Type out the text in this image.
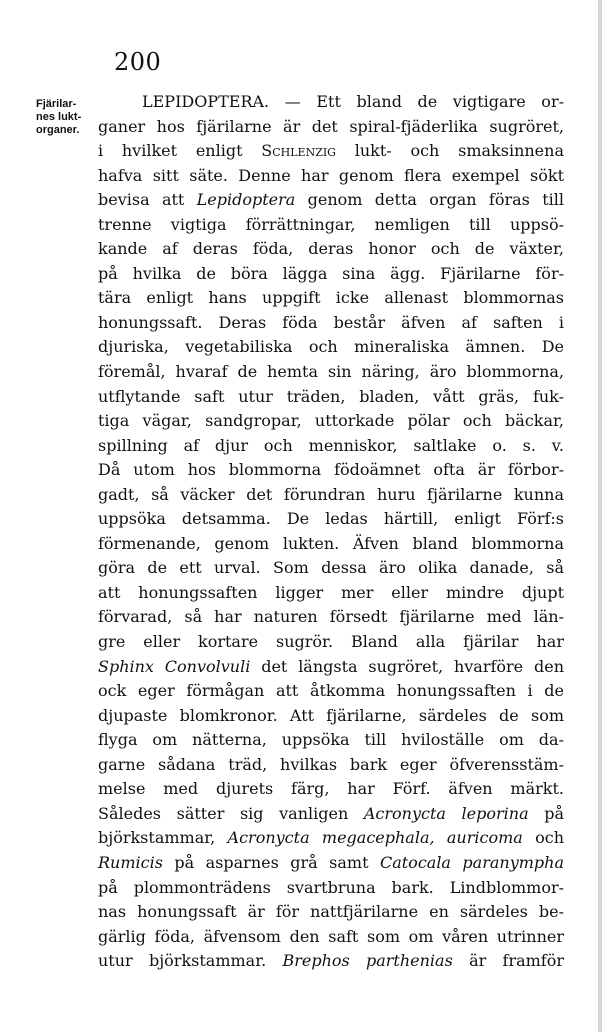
200
Fjärilar-
nes lukt-
organer.
LEPIDOPTERA. — Ett bland de vigtigare or-
ganer hos fjärilarne är det spiral-fjäderlika sugröret,
i hvilket enligt Schlenzig lukt- och smaksinnena
hafva sitt säte. Denne har genom flera exempel sökt
bevisa att Lepidoptera genom detta organ föras till
trenne vigtiga förrättningar, nemligen till uppsö-
kande af deras föda, deras honor och de växter,
på hvilka de böra lägga sina ägg. Fjärilarne för-
tära enligt hans uppgift icke allenast blommornas
honungssaft. Deras föda består äfven af saften i
djuriska, vegetabiliska och mineraliska ämnen. De
föremål, hvaraf de hemta sin näring, äro blommorna,
utflytande saft utur träden, bladen, vått gräs, fuk-
tiga vägar, sandgropar, uttorkade pölar och bäckar,
spillning af djur och menniskor, saltlake o. s. v.
Då utom hos blommorna födoämnet ofta är förbor-
gadt, så väcker det förundran huru fjärilarne kunna
uppsöka detsamma. De ledas härtill, enligt Förf:s
förmenande, genom lukten. Äfven bland blommorna
göra de ett urval. Som dessa äro olika danade, så
att honungssaften ligger mer eller mindre djupt
förvarad, så har naturen försedt fjärilarne med län-
gre eller kortare sugrör. Bland alla fjärilar har
Sphinx Convolvuli det längsta sugröret, hvarföre den
ock eger förmågan att åtkomma honungssaften i de
djupaste blomkronor. Att fjärilarne, särdeles de som
flyga om nätterna, uppsöka till hviloställe om da-
garne sådana träd, hvilkas bark eger öfverensstäm-
melse med djurets färg, har Förf. äfven märkt.
Således sätter sig vanligen Acronycta leporina på
björkstammar, Acronycta megacephala, auricoma och
Rumicis på asparnes grå samt Catocala paranympha
på plommonträdens svartbruna bark. Lindblommor-
nas honungssaft är för nattfjärilarne en särdeles be-
gärlig föda, äfvensom den saft som om våren utrinner
utur björkstammar. Brephos parthenias är framför
